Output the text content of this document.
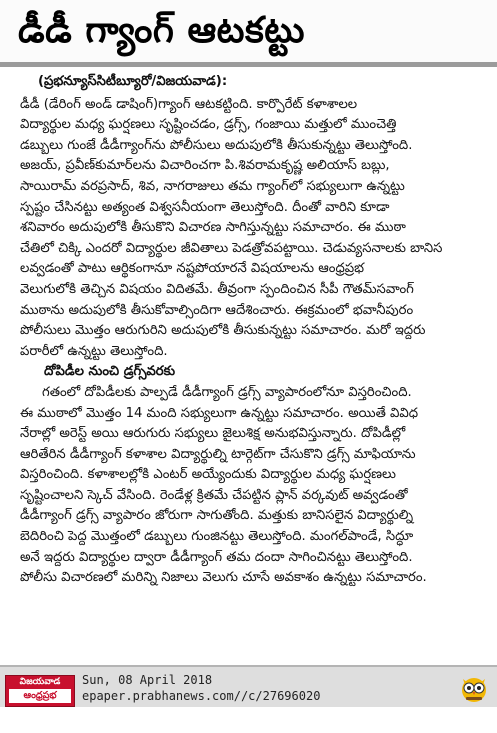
డీడీ గ్యాంగ్ ఆటకట్టు
(ప్రభన్యూస్‌సిటీబ్యూరో/విజయవాడ):
డీడీ (డేరింగ్ అండ్ డాషింగ్)గ్యాంగ్ ఆటకట్టింది. కార్పొరేట్ కళాశాలల
విద్యార్థుల మధ్య ఘర్షణలు సృష్టించడం, డ్రగ్స్, గంజాయి మత్తులో ముంచెత్తి
డబ్బులు గుంజే డీడీగ్యాంగ్‌ను పోలీసులు అదుపులోకి తీసుకున్నట్టు తెలుస్తోంది.
అజయ్, ప్రవీణ్‌కుమార్‌లను విచారించగా పి.శివరామకృష్ణ అలియాస్ బబ్లు,
సాయిరామ్ వరప్రసాద్, శివ, నాగరాజులు తమ గ్యాంగ్‌లో సభ్యులుగా ఉన్నట్టు
స్పష్టం చేసినట్టు అత్యంత విశ్వసనీయంగా తెలుస్తోంది. దీంతో వారిని కూడా
శనివారం అదుపులోకి తీసుకొని విచారణ సాగిస్తున్నట్టు సమాచారం. ఈ ముఠా
చేతిలో చిక్కి ఎందరో విద్యార్థుల జీవితాలు పెడత్రోవపట్టాయి. చెడువ్యసనాలకు బానిస
లవ్వడంతో పాటు ఆర్థికంగానూ నష్టపోయారనే విషయాలను ఆంధ్రప్రభ
వెలుగులోకి తెచ్చిన విషయం విదితమే. తీవ్రంగా స్పందించిన సీపీ గౌతమ్‌సవాంగ్
ముఠాను అదుపులోకి తీసుకోవాల్సిందిగా ఆదేశించారు. ఈక్రమంలో భవానీపురం
పోలీసులు మొత్తం ఆరుగురిని అదుపులోకి తీసుకున్నట్టు సమాచారం. మరో ఇద్దరు
పరారీలో ఉన్నట్టు తెలుస్తోంది.
దోపిడీల నుంచి డ్రగ్స్‌వరకు
గతంలో దోపిడీలకు పాల్పడే డీడీగ్యాంగ్ డ్రగ్స్ వ్యాపారంలోనూ విస్తరించింది.
ఈ ముఠాలో మొత్తం 14 మంది సభ్యులుగా ఉన్నట్టు సమాచారం. అయితే వివిధ
నేరాల్లో అరెస్ట్ అయి ఆరుగురు సభ్యులు జైలుశిక్ష అనుభవిస్తున్నారు. దోపిడీల్లో
ఆరితేరిన డీడీగ్యాంగ్ కళాశాల విద్యార్థుల్ని టార్గెట్‌గా చేసుకొని డ్రగ్స్ మాఫియాను
విస్తరించింది. కళాశాలల్లోకి ఎంటర్ అయ్యేందుకు విద్యార్థుల మధ్య ఘర్షణలు
సృష్టించాలని స్కెచ్ వేసింది. రెండేళ్ల క్రితమే చేపట్టిన ప్లాన్ వర్కవుట్ అవ్వడంతో
డీడీగ్యాంగ్ డ్రగ్స్ వ్యాపారం జోరుగా సాగుతోంది. మత్తుకు బానిసలైన విద్యార్థుల్ని
బెదిరించి పెద్ద మొత్తంలో డబ్బులు గుంజినట్టు తెలుస్తోంది. మంగల్‌పాండే, సిద్ధూ
అనే ఇద్దరు విద్యార్థుల ద్వారా డీడీగ్యాంగ్ తమ దందా సాగించినట్టు తెలుస్తోంది.
పోలీసు విచారణలో మరిన్ని నిజాలు వెలుగు చూసే అవకాశం ఉన్నట్టు సమాచారం.
విజయవాడ
ఆంధ్రప్రభ
Sun, 08 April 2018
epaper.prabhanews.com//c/27696020
